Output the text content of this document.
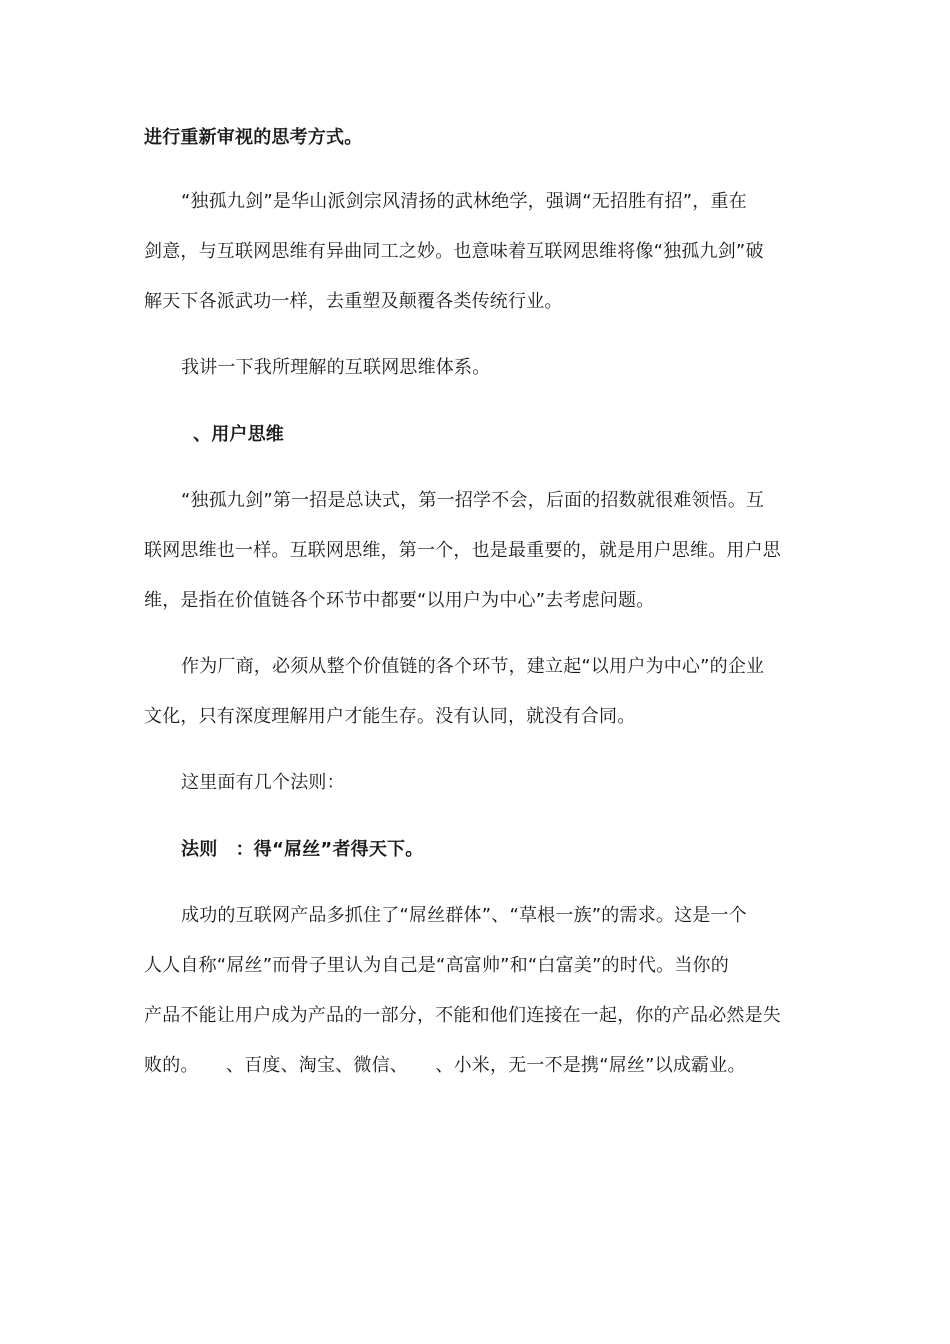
进行重新审视的思考方式。
“独孤九剑”是华山派剑宗风清扬的武林绝学，强调“无招胜有招”，重在
剑意，与互联网思维有异曲同工之妙。也意味着互联网思维将像“独孤九剑”破
解天下各派武功一样，去重塑及颠覆各类传统行业。
我讲一下我所理解的互联网思维体系。
、用户思维
“独孤九剑”第一招是总诀式，第一招学不会，后面的招数就很难领悟。互
联网思维也一样。互联网思维，第一个，也是最重要的，就是用户思维。用户思
维，是指在价值链各个环节中都要“以用户为中心”去考虑问题。
作为厂商，必须从整个价值链的各个环节，建立起“以用户为中心”的企业
文化，只有深度理解用户才能生存。没有认同，就没有合同。
这里面有几个法则：
法则　：得“屌丝”者得天下。
成功的互联网产品多抓住了“屌丝群体”、“草根一族”的需求。这是一个
人人自称“屌丝”而骨子里认为自己是“高富帅”和“白富美”的时代。当你的
产品不能让用户成为产品的一部分，不能和他们连接在一起，你的产品必然是失
败的。　　、百度、淘宝、微信、　　、小米，无一不是携“屌丝”以成霸业。
